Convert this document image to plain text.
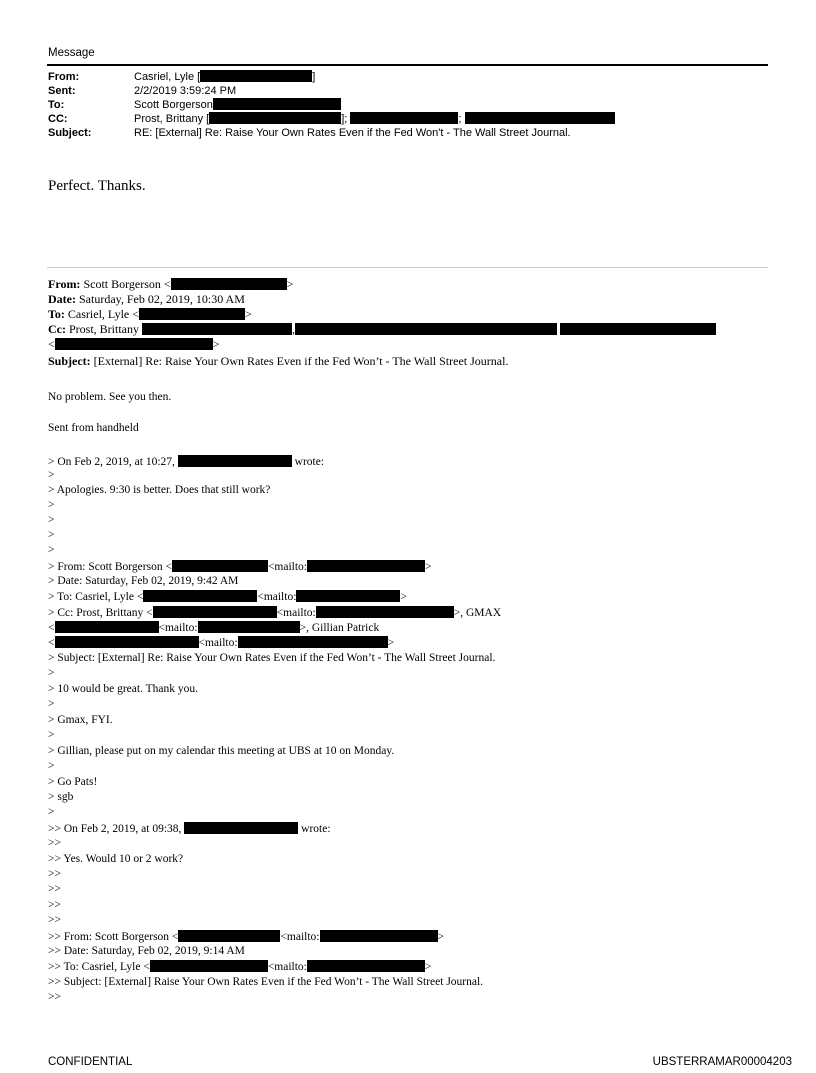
Message
From:	Casriel, Lyle [	]
Sent:	2/2/2019 3:59:24 PM
To:	Scott Borgerson
CC:	Prost, Brittany [	];	;
Subject:	RE: [External] Re: Raise Your Own Rates Even if the Fed Won't - The Wall Street Journal.
Perfect. Thanks.
From: Scott Borgerson <	>
Date: Saturday, Feb 02, 2019, 10:30 AM
To: Casriel, Lyle <	>
Cc: Prost, Brittany	,
<	>
Subject: [External] Re: Raise Your Own Rates Even if the Fed Won’t - The Wall Street Journal.
No problem. See you then.
Sent from handheld
> On Feb 2, 2019, at 10:27,	wrote:
>
> Apologies. 9:30 is better. Does that still work?
>
>
>
>
> From: Scott Borgerson <	<mailto:	>
> Date: Saturday, Feb 02, 2019, 9:42 AM
> To: Casriel, Lyle <	<mailto:	>
> Cc: Prost, Brittany <	<mailto:	>, GMAX
<	<mailto:	>, Gillian Patrick
<	<mailto:	>
> Subject: [External] Re: Raise Your Own Rates Even if the Fed Won’t - The Wall Street Journal.
>
> 10 would be great. Thank you.
>
> Gmax, FYI.
>
> Gillian, please put on my calendar this meeting at UBS at 10 on Monday.
>
> Go Pats!
> sgb
>
>> On Feb 2, 2019, at 09:38,	wrote:
>>
>> Yes. Would 10 or 2 work?
>>
>>
>>
>>
>> From: Scott Borgerson <	<mailto:	>
>> Date: Saturday, Feb 02, 2019, 9:14 AM
>> To: Casriel, Lyle <	<mailto:	>
>> Subject: [External] Raise Your Own Rates Even if the Fed Won’t - The Wall Street Journal.
>>
CONFIDENTIAL	UBSTERRAMAR00004203
